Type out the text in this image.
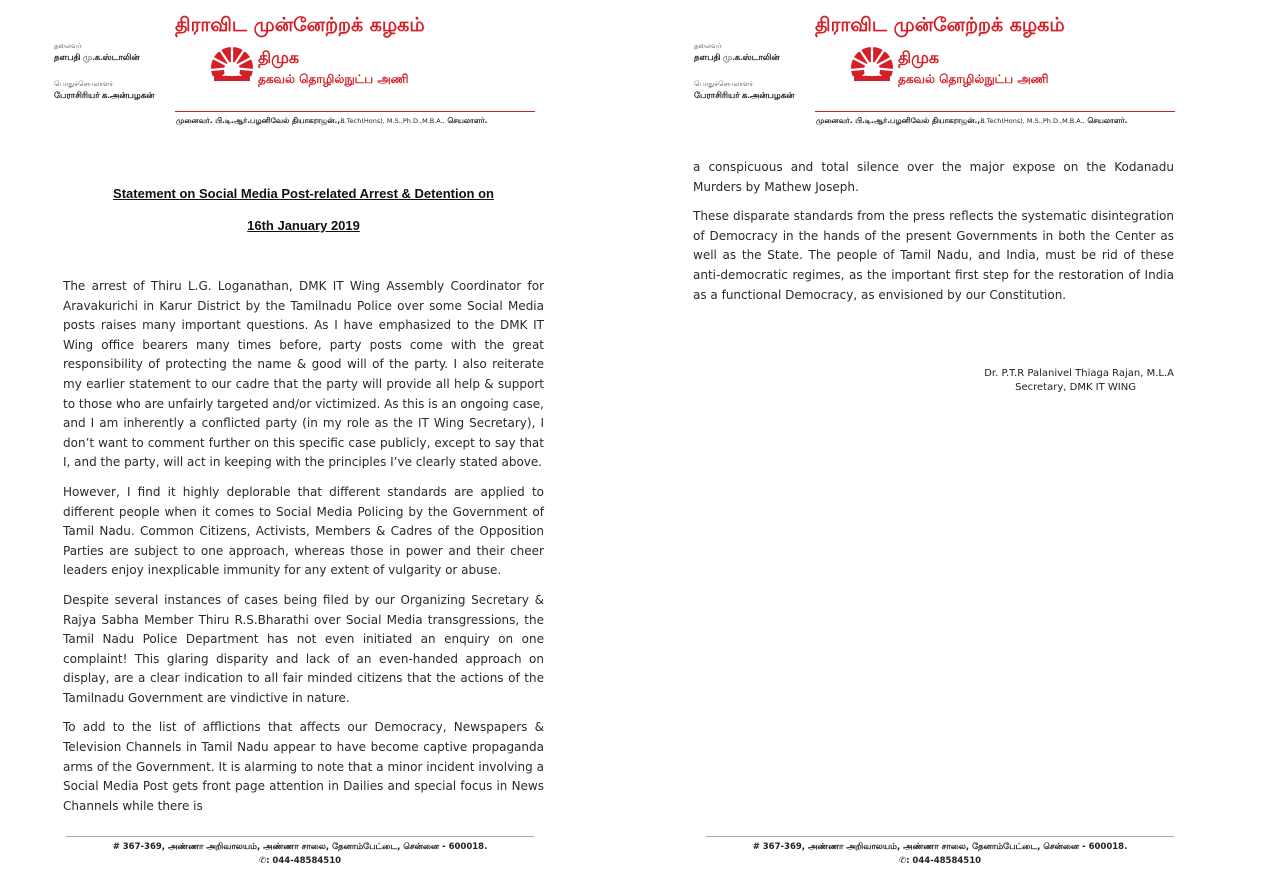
திராவிட முன்னேற்றக் கழகம்
தலைவர்
தளபதி மு.க.ஸ்டாலின்
பொதுச்செயலாளர்
பேராசிரியர் க.அன்பழகன்
திமுக
தகவல் தொழில்நுட்ப அணி
முனைவர். பி.டி.ஆர்.பழனிவேல் தியாகராஜன்.,B.Tech(Hons), M.S.,Ph.D.,M.B.A., செயலாளர்.
Statement on Social Media Post-related Arrest & Detention on
16th January 2019

The arrest of Thiru L.G. Loganathan, DMK IT Wing Assembly Coordinator for Aravakurichi in Karur District by the Tamilnadu Police over some Social Media posts raises many important questions. As I have emphasized to the DMK IT Wing office bearers many times before, party posts come with the great responsibility of protecting the name & good will of the party. I also reiterate my earlier statement to our cadre that the party will provide all help & support to those who are unfairly targeted and/or victimized. As this is an ongoing case, and I am inherently a conflicted party (in my role as the IT Wing Secretary), I don’t want to comment further on this specific case publicly, except to say that I, and the party, will act in keeping with the principles I’ve clearly stated above.

However, I find it highly deplorable that different standards are applied to different people when it comes to Social Media Policing by the Government of Tamil Nadu. Common Citizens, Activists, Members & Cadres of the Opposition Parties are subject to one approach, whereas those in power and their cheer leaders enjoy inexplicable immunity for any extent of vulgarity or abuse.

Despite several instances of cases being filed by our Organizing Secretary & Rajya Sabha Member Thiru R.S.Bharathi over Social Media transgressions, the Tamil Nadu Police Department has not even initiated an enquiry on one complaint! This glaring disparity and lack of an even-handed approach on display, are a clear indication to all fair minded citizens that the actions of the Tamilnadu Government are vindictive in nature.

To add to the list of afflictions that affects our Democracy, Newspapers & Television Channels in Tamil Nadu appear to have become captive propaganda arms of the Government. It is alarming to note that a minor incident involving a Social Media Post gets front page attention in Dailies and special focus in News Channels while there is

# 367-369, அண்ணா அறிவாலயம், அண்ணா சாலை, தேனாம்பேட்டை, சென்னை - 600018.
✆: 044-48584510
திராவிட முன்னேற்றக் கழகம்
தலைவர்
தளபதி மு.க.ஸ்டாலின்
பொதுச்செயலாளர்
பேராசிரியர் க.அன்பழகன்
திமுக
தகவல் தொழில்நுட்ப அணி
முனைவர். பி.டி.ஆர்.பழனிவேல் தியாகராஜன்.,B.Tech(Hons), M.S.,Ph.D.,M.B.A., செயலாளர்.

a conspicuous and total silence over the major expose on the Kodanadu Murders by Mathew Joseph.

These disparate standards from the press reflects the systematic disintegration of Democracy in the hands of the present Governments in both the Center as well as the State. The people of Tamil Nadu, and India, must be rid of these anti-democratic regimes, as the important first step for the restoration of India as a functional Democracy, as envisioned by our Constitution.

Dr. P.T.R Palanivel Thiaga Rajan, M.L.A
Secretary, DMK IT WING
# 367-369, அண்ணா அறிவாலயம், அண்ணா சாலை, தேனாம்பேட்டை, சென்னை - 600018.
✆: 044-48584510
